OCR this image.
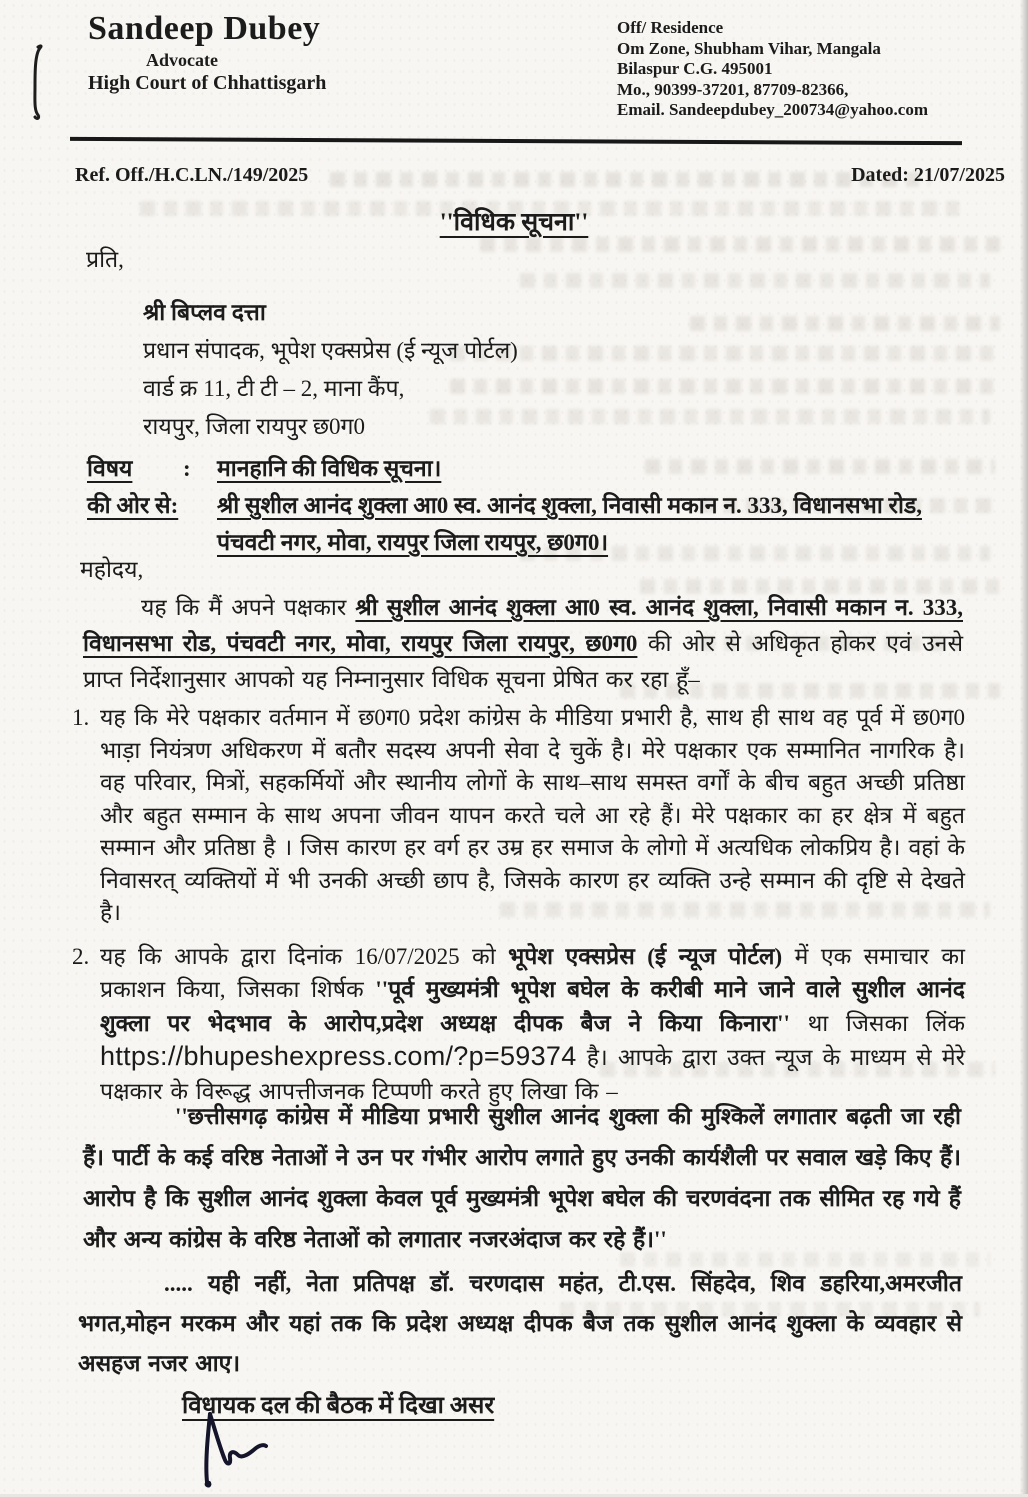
Sandeep Dubey
Advocate
High Court of Chhattisgarh
Off/ Residence
Om Zone, Shubham Vihar, Mangala
Bilaspur C.G. 495001
Mo., 90399-37201, 87709-82366,
Email. Sandeepdubey_200734@yahoo.com
Ref. Off./H.C.LN./149/2025	Dated: 21/07/2025
''विधिक सूचना''
प्रति,
श्री बिप्लव दत्ता
प्रधान संपादक, भूपेश एक्सप्रेस (ई न्यूज पोर्टल)
वार्ड क्र 11, टी टी – 2, माना कैंप,
रायपुर, जिला रायपुर छ0ग0
विषय	:	मानहानि की विधिक सूचना।
की ओर से:	श्री सुशील आनंद शुक्ला आ0 स्व. आनंद शुक्ला, निवासी मकान न. 333, विधानसभा रोड, पंचवटी नगर, मोवा, रायपुर जिला रायपुर, छ0ग0।
महोदय,
यह कि मैं अपने पक्षकार श्री सुशील आनंद शुक्ला आ0 स्व. आनंद शुक्ला, निवासी मकान न. 333, विधानसभा रोड, पंचवटी नगर, मोवा, रायपुर जिला रायपुर, छ0ग0 की ओर से अधिकृत होकर एवं उनसे प्राप्त निर्देशानुसार आपको यह निम्नानुसार विधिक सूचना प्रेषित कर रहा हूँ–
1. यह कि मेरे पक्षकार वर्तमान में छ0ग0 प्रदेश कांग्रेस के मीडिया प्रभारी है, साथ ही साथ वह पूर्व में छ0ग0 भाड़ा नियंत्रण अधिकरण में बतौर सदस्य अपनी सेवा दे चुकें है। मेरे पक्षकार एक सम्मानित नागरिक है। वह परिवार, मित्रों, सहकर्मियों और स्थानीय लोगों के साथ–साथ समस्त वर्गों के बीच बहुत अच्छी प्रतिष्ठा और बहुत सम्मान के साथ अपना जीवन यापन करते चले आ रहे हैं। मेरे पक्षकार का हर क्षेत्र में बहुत सम्मान और प्रतिष्ठा है । जिस कारण हर वर्ग हर उम्र हर समाज के लोगो में अत्यधिक लोकप्रिय है। वहां के निवासरत् व्यक्तियों में भी उनकी अच्छी छाप है, जिसके कारण हर व्यक्ति उन्हे सम्मान की दृष्टि से देखते है।
2. यह कि आपके द्वारा दिनांक 16/07/2025 को भूपेश एक्सप्रेस (ई न्यूज पोर्टल) में एक समाचार का प्रकाशन किया, जिसका शिर्षक ''पूर्व मुख्यमंत्री भूपेश बघेल के करीबी माने जाने वाले सुशील आनंद शुक्ला पर भेदभाव के आरोप,प्रदेश अध्यक्ष दीपक बैज ने किया किनारा'' था जिसका लिंक https://bhupeshexpress.com/?p=59374 है। आपके द्वारा उक्त न्यूज के माध्यम से मेरे पक्षकार के विरूद्ध आपत्तीजनक टिप्पणी करते हुए लिखा कि –
''छत्तीसगढ़ कांग्रेस में मीडिया प्रभारी सुशील आनंद शुक्ला की मुश्किलें लगातार बढ़ती जा रही हैं। पार्टी के कई वरिष्ठ नेताओं ने उन पर गंभीर आरोप लगाते हुए उनकी कार्यशैली पर सवाल खड़े किए हैं। आरोप है कि सुशील आनंद शुक्ला केवल पूर्व मुख्यमंत्री भूपेश बघेल की चरणवंदना तक सीमित रह गये हैं और अन्य कांग्रेस के वरिष्ठ नेताओं को लगातार नजरअंदाज कर रहे हैं।''
..... यही नहीं, नेता प्रतिपक्ष डॉ. चरणदास महंत, टी.एस. सिंहदेव, शिव डहरिया,अमरजीत भगत,मोहन मरकम और यहां तक कि प्रदेश अध्यक्ष दीपक बैज तक सुशील आनंद शुक्ला के व्यवहार से असहज नजर आए।
विधायक दल की बैठक में दिखा असर
